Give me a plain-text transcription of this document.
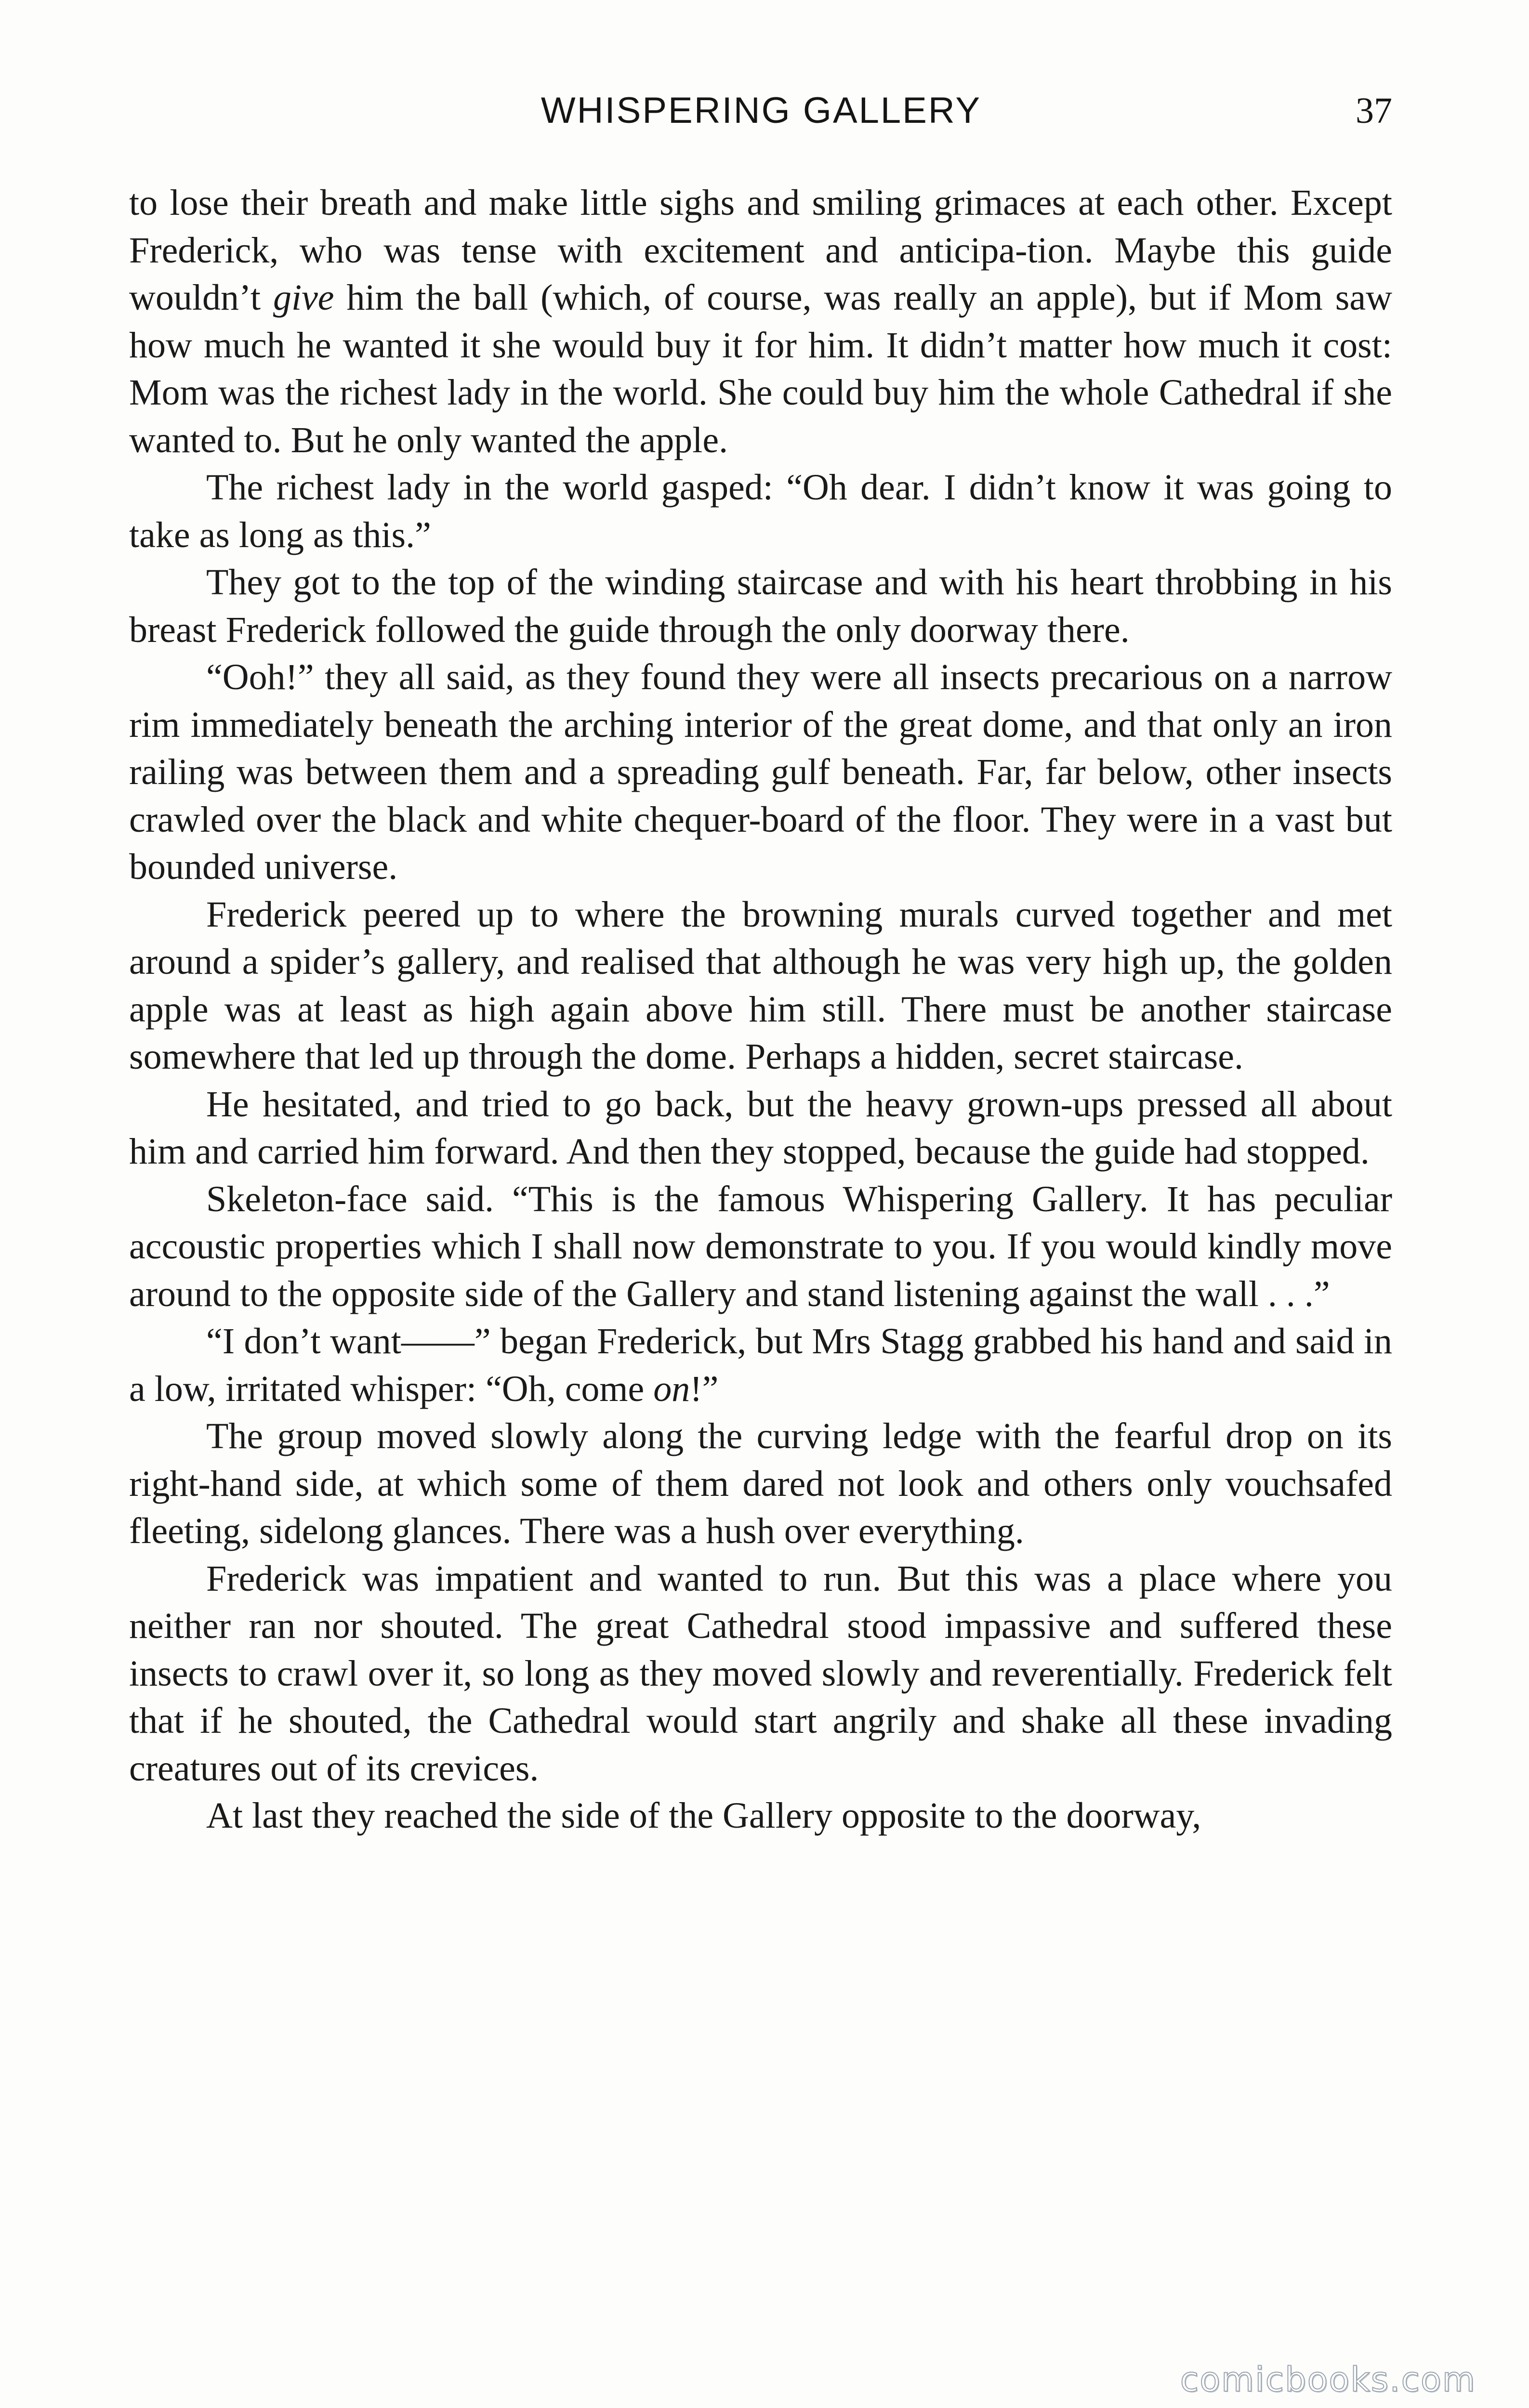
WHISPERING GALLERY	37

to lose their breath and make little sighs and smiling grimaces at each other. Except Frederick, who was tense with excitement and anticipa-tion. Maybe this guide wouldn’t give him the ball (which, of course, was really an apple), but if Mom saw how much he wanted it she would buy it for him. It didn’t matter how much it cost: Mom was the richest lady in the world. She could buy him the whole Cathedral if she wanted to. But he only wanted the apple.

The richest lady in the world gasped: “Oh dear. I didn’t know it was going to take as long as this.”

They got to the top of the winding staircase and with his heart throbbing in his breast Frederick followed the guide through the only doorway there.

“Ooh!” they all said, as they found they were all insects precarious on a narrow rim immediately beneath the arching interior of the great dome, and that only an iron railing was between them and a spreading gulf beneath. Far, far below, other insects crawled over the black and white chequer-board of the floor. They were in a vast but bounded universe.

Frederick peered up to where the browning murals curved together and met around a spider’s gallery, and realised that although he was very high up, the golden apple was at least as high again above him still. There must be another staircase somewhere that led up through the dome. Perhaps a hidden, secret staircase.

He hesitated, and tried to go back, but the heavy grown-ups pressed all about him and carried him forward. And then they stopped, because the guide had stopped.

Skeleton-face said. “This is the famous Whispering Gallery. It has peculiar accoustic properties which I shall now demonstrate to you. If you would kindly move around to the opposite side of the Gallery and stand listening against the wall . . .”

“I don’t want——” began Frederick, but Mrs Stagg grabbed his hand and said in a low, irritated whisper: “Oh, come on!”

The group moved slowly along the curving ledge with the fearful drop on its right-hand side, at which some of them dared not look and others only vouchsafed fleeting, sidelong glances. There was a hush over everything.

Frederick was impatient and wanted to run. But this was a place where you neither ran nor shouted. The great Cathedral stood impassive and suffered these insects to crawl over it, so long as they moved slowly and reverentially. Frederick felt that if he shouted, the Cathedral would start angrily and shake all these invading creatures out of its crevices.

At last they reached the side of the Gallery opposite to the doorway,

comicbooks.com
